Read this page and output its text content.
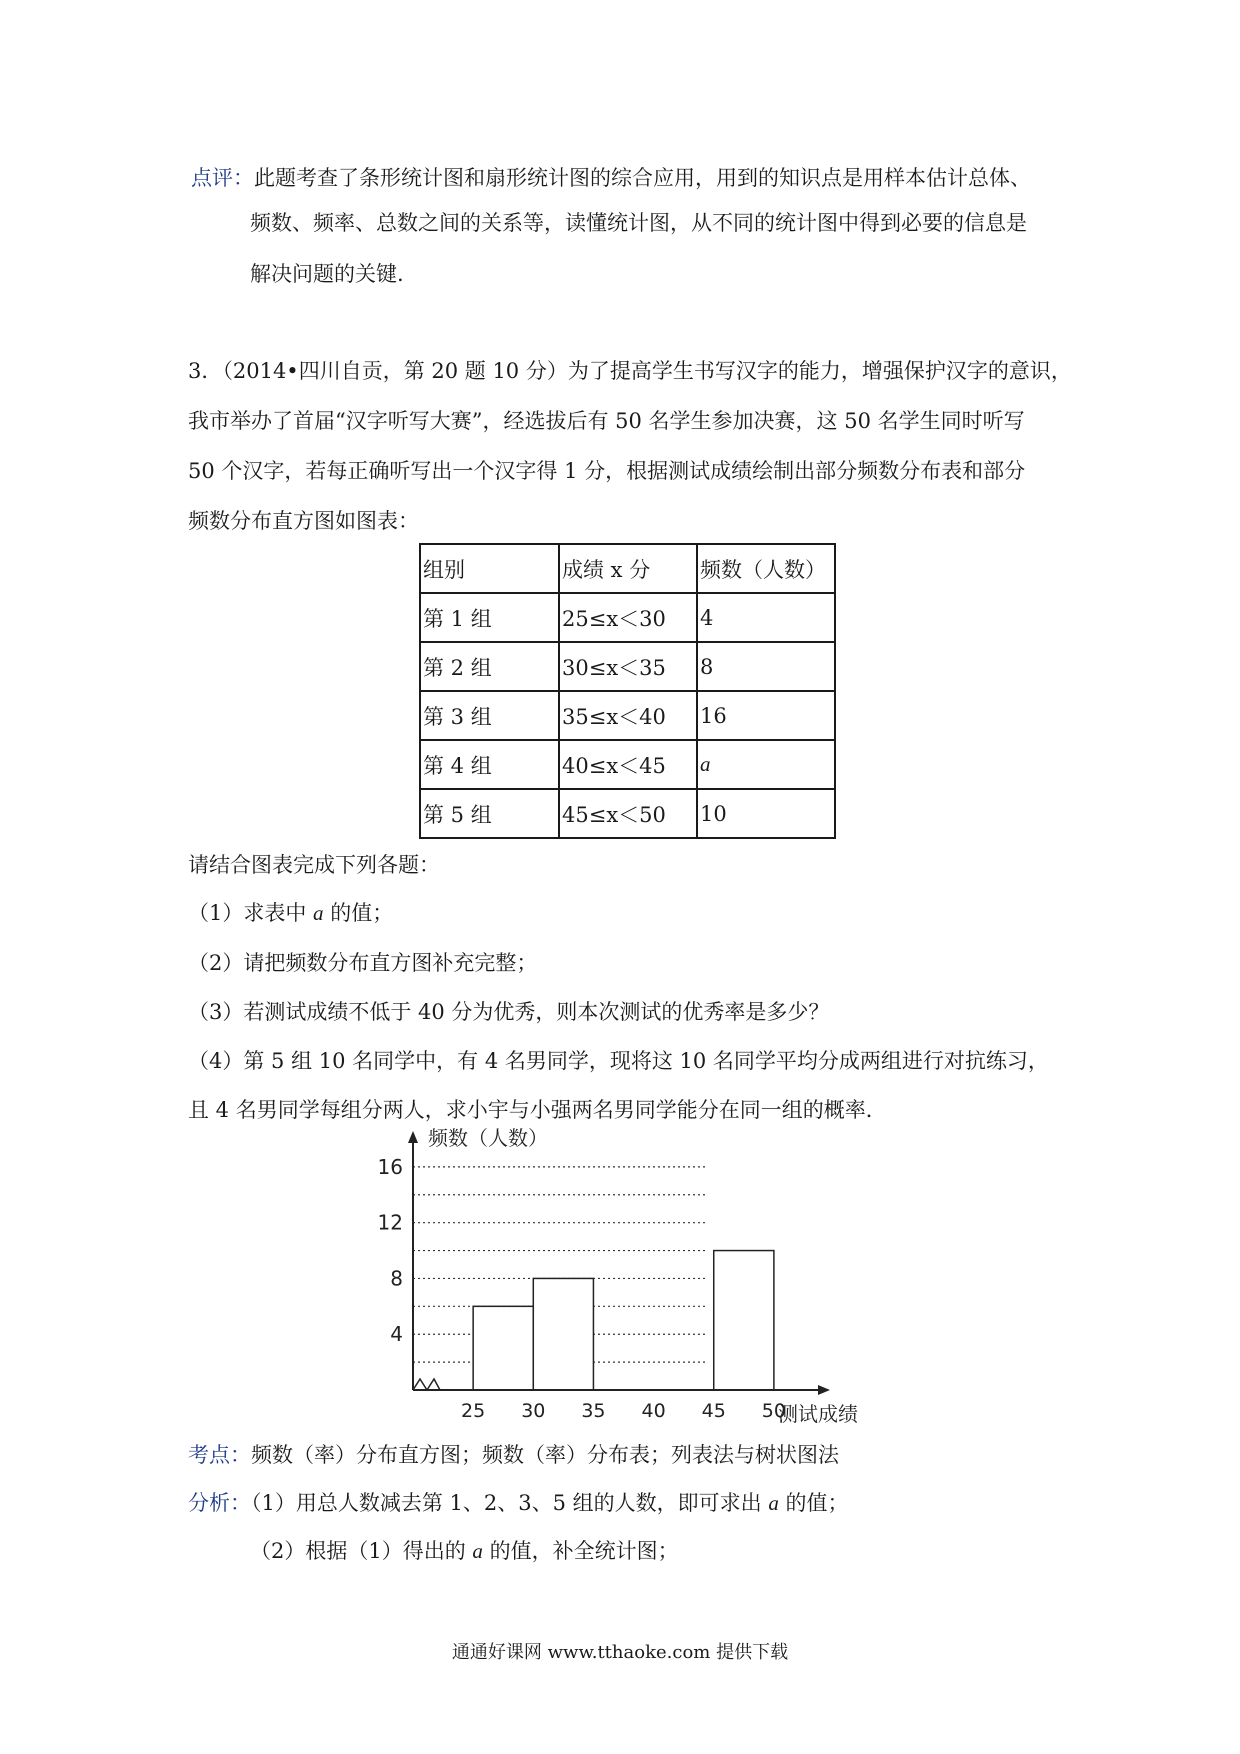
点评：此题考查了条形统计图和扇形统计图的综合应用，用到的知识点是用样本估计总体、
频数、频率、总数之间的关系等，读懂统计图，从不同的统计图中得到必要的信息是
解决问题的关键.
3．（2014•四川自贡，第 20 题 10 分）为了提高学生书写汉字的能力，增强保护汉字的意识，
我市举办了首届“汉字听写大赛”，经选拔后有 50 名学生参加决赛，这 50 名学生同时听写
50 个汉字，若每正确听写出一个汉字得 1 分，根据测试成绩绘制出部分频数分布表和部分
频数分布直方图如图表：
组别	成绩 x 分	频数（人数）
第 1 组	25≤x＜30	4
第 2 组	30≤x＜35	8
第 3 组	35≤x＜40	16
第 4 组	40≤x＜45	a
第 5 组	45≤x＜50	10
请结合图表完成下列各题：
（1）求表中 a 的值；
（2）请把频数分布直方图补充完整；
（3）若测试成绩不低于 40 分为优秀，则本次测试的优秀率是多少？
（4）第 5 组 10 名同学中，有 4 名男同学，现将这 10 名同学平均分成两组进行对抗练习，
且 4 名男同学每组分两人，求小宇与小强两名男同学能分在同一组的概率．
4
8
12
16
25 30 35 40 45 50
频数（人数）
测试成绩
考点：频数（率）分布直方图；频数（率）分布表；列表法与树状图法
分析：（1）用总人数减去第 1、2、3、5 组的人数，即可求出 a 的值；
（2）根据（1）得出的 a 的值，补全统计图；
通通好课网 www.tthaoke.com 提供下载
